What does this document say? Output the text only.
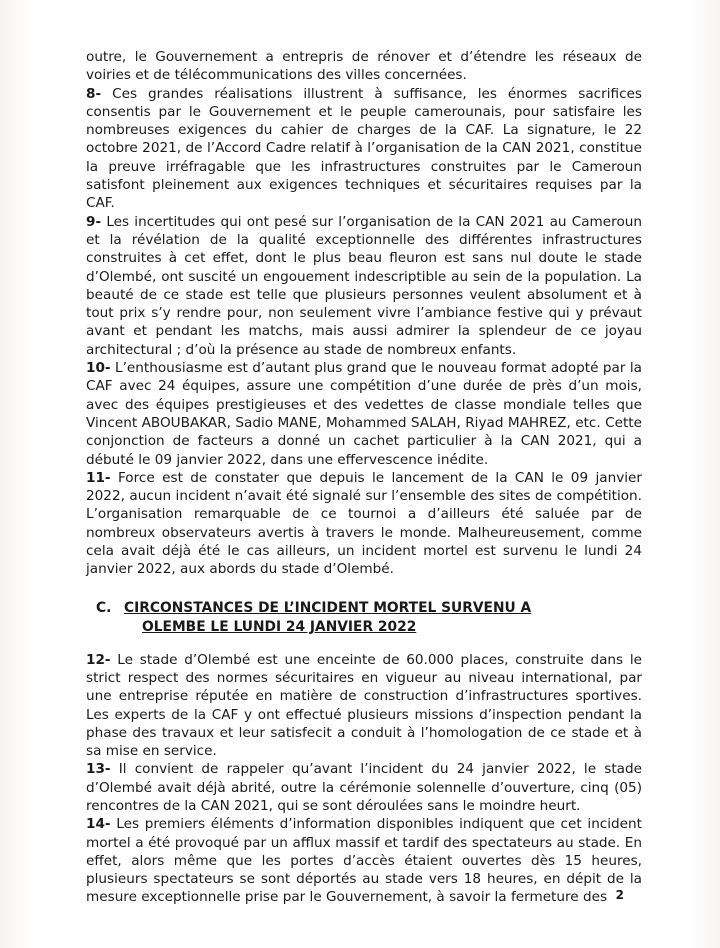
outre, le Gouvernement a entrepris de rénover et d’étendre les réseaux de voiries et de télécommunications des villes concernées.

8- Ces grandes réalisations illustrent à suffisance, les énormes sacrifices consentis par le Gouvernement et le peuple camerounais, pour satisfaire les nombreuses exigences du cahier de charges de la CAF. La signature, le 22 octobre 2021, de l’Accord Cadre relatif à l’organisation de la CAN 2021, constitue la preuve irréfragable que les infrastructures construites par le Cameroun satisfont pleinement aux exigences techniques et sécuritaires requises par la CAF.

9- Les incertitudes qui ont pesé sur l’organisation de la CAN 2021 au Cameroun et la révélation de la qualité exceptionnelle des différentes infrastructures construites à cet effet, dont le plus beau fleuron est sans nul doute le stade d’Olembé, ont suscité un engouement indescriptible au sein de la population. La beauté de ce stade est telle que plusieurs personnes veulent absolument et à tout prix s’y rendre pour, non seulement vivre l’ambiance festive qui y prévaut avant et pendant les matchs, mais aussi admirer la splendeur de ce joyau architectural ; d’où la présence au stade de nombreux enfants.

10- L’enthousiasme est d’autant plus grand que le nouveau format adopté par la CAF avec 24 équipes, assure une compétition d’une durée de près d’un mois, avec des équipes prestigieuses et des vedettes de classe mondiale telles que Vincent ABOUBAKAR, Sadio MANE, Mohammed SALAH, Riyad MAHREZ, etc. Cette conjonction de facteurs a donné un cachet particulier à la CAN 2021, qui a débuté le 09 janvier 2022, dans une effervescence inédite.

11- Force est de constater que depuis le lancement de la CAN le 09 janvier 2022, aucun incident n’avait été signalé sur l’ensemble des sites de compétition. L’organisation remarquable de ce tournoi a d’ailleurs été saluée par de nombreux observateurs avertis à travers le monde. Malheureusement, comme cela avait déjà été le cas ailleurs, un incident mortel est survenu le lundi 24 janvier 2022, aux abords du stade d’Olembé.

C. CIRCONSTANCES DE L’INCIDENT MORTEL SURVENU A
OLEMBE LE LUNDI 24 JANVIER 2022

12- Le stade d’Olembé est une enceinte de 60.000 places, construite dans le strict respect des normes sécuritaires en vigueur au niveau international, par une entreprise réputée en matière de construction d’infrastructures sportives. Les experts de la CAF y ont effectué plusieurs missions d’inspection pendant la phase des travaux et leur satisfecit a conduit à l’homologation de ce stade et à sa mise en service.

13- Il convient de rappeler qu’avant l’incident du 24 janvier 2022, le stade d’Olembé avait déjà abrité, outre la cérémonie solennelle d’ouverture, cinq (05) rencontres de la CAN 2021, qui se sont déroulées sans le moindre heurt.

14- Les premiers éléments d’information disponibles indiquent que cet incident mortel a été provoqué par un afflux massif et tardif des spectateurs au stade. En effet, alors même que les portes d’accès étaient ouvertes dès 15 heures, plusieurs spectateurs se sont déportés au stade vers 18 heures, en dépit de la mesure exceptionnelle prise par le Gouvernement, à savoir la fermeture des 2
